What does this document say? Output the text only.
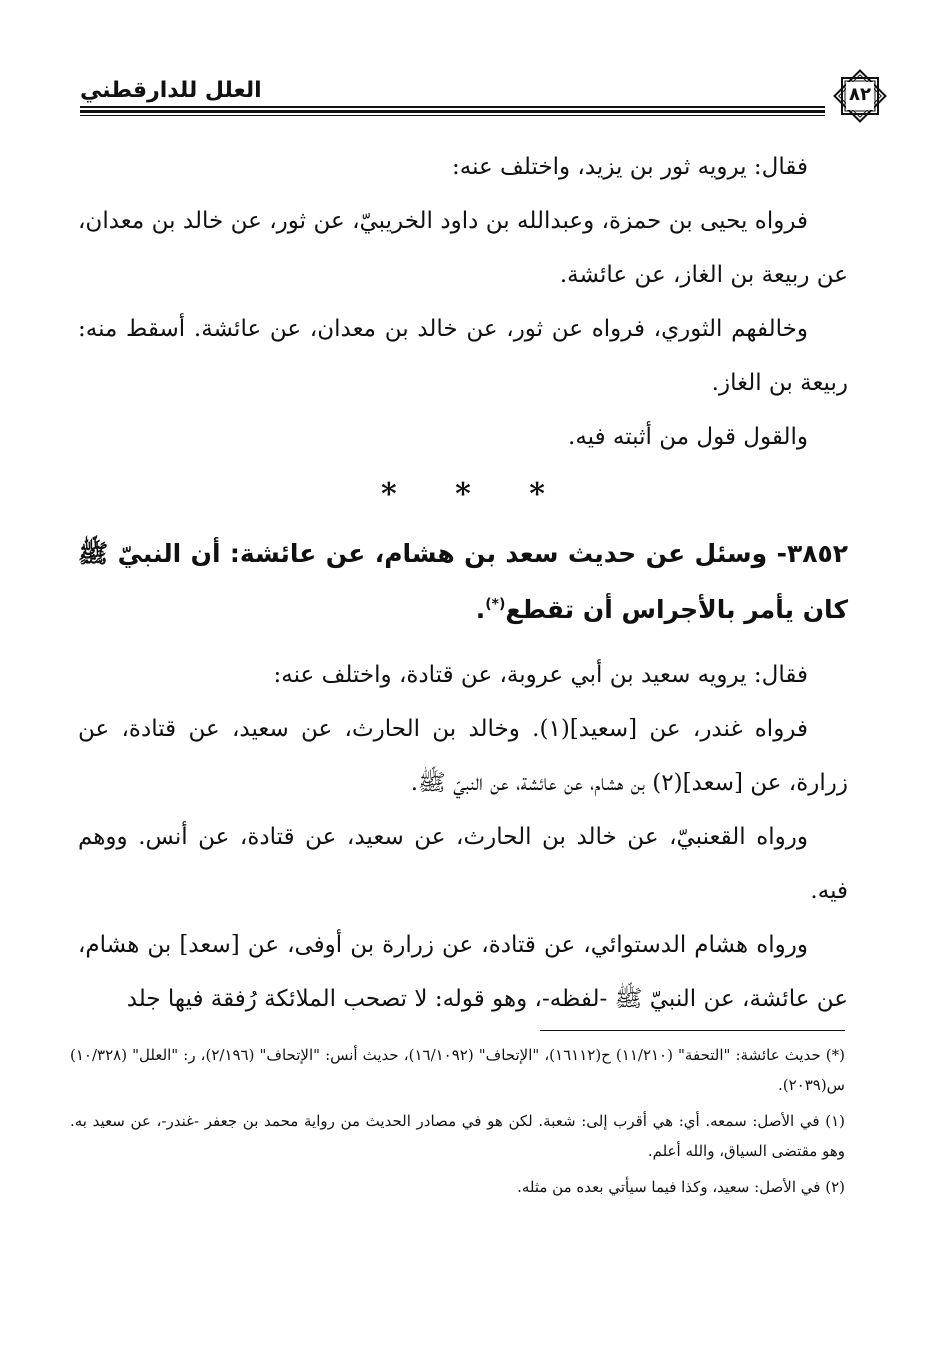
العلل للدارقطني	٨٢

فقال: يرويه ثور بن يزيد، واختلف عنه:

فرواه يحيى بن حمزة، وعبدالله بن داود الخريبيّ، عن ثور، عن خالد بن معدان، عن ربيعة بن الغاز، عن عائشة.

وخالفهم الثوري، فرواه عن ثور، عن خالد بن معدان، عن عائشة. أسقط منه: ربيعة بن الغاز.

والقول قول من أثبته فيه.

* * *
٣٨٥٢- وسئل عن حديث سعد بن هشام، عن عائشة: أن النبيّ ﷺ كان يأمر بالأجراس أن تقطع(*).

فقال: يرويه سعيد بن أبي عروبة، عن قتادة، واختلف عنه:

فرواه غندر، عن [سعيد](١). وخالد بن الحارث، عن سعيد، عن قتادة، عن زرارة، عن [سعد](٢) بن هشام، عن عائشة، عن النبيّ ﷺ.

ورواه القعنبيّ، عن خالد بن الحارث، عن سعيد، عن قتادة، عن أنس. ووهم فيه.

ورواه هشام الدستوائي، عن قتادة، عن زرارة بن أوفى، عن [سعد] بن هشام، عن عائشة، عن النبيّ ﷺ -لفظه-، وهو قوله: لا تصحب الملائكة رُفقة فيها جلد

(*) حديث عائشة: "التحفة" (١١/٢١٠) ح(١٦١١٢)، "الإتحاف" (١٦/١٠٩٢)، حديث أنس: "الإتحاف" (٢/١٩٦)، ر: "العلل" (١٠/٣٢٨) س(٢٠٣٩).

(١) في الأصل: سمعه. أي: هي أقرب إلى: شعبة. لكن هو في مصادر الحديث من رواية محمد بن جعفر -غندر-، عن سعيد به. وهو مقتضى السياق، والله أعلم.

(٢) في الأصل: سعيد، وكذا فيما سيأتي بعده من مثله.
